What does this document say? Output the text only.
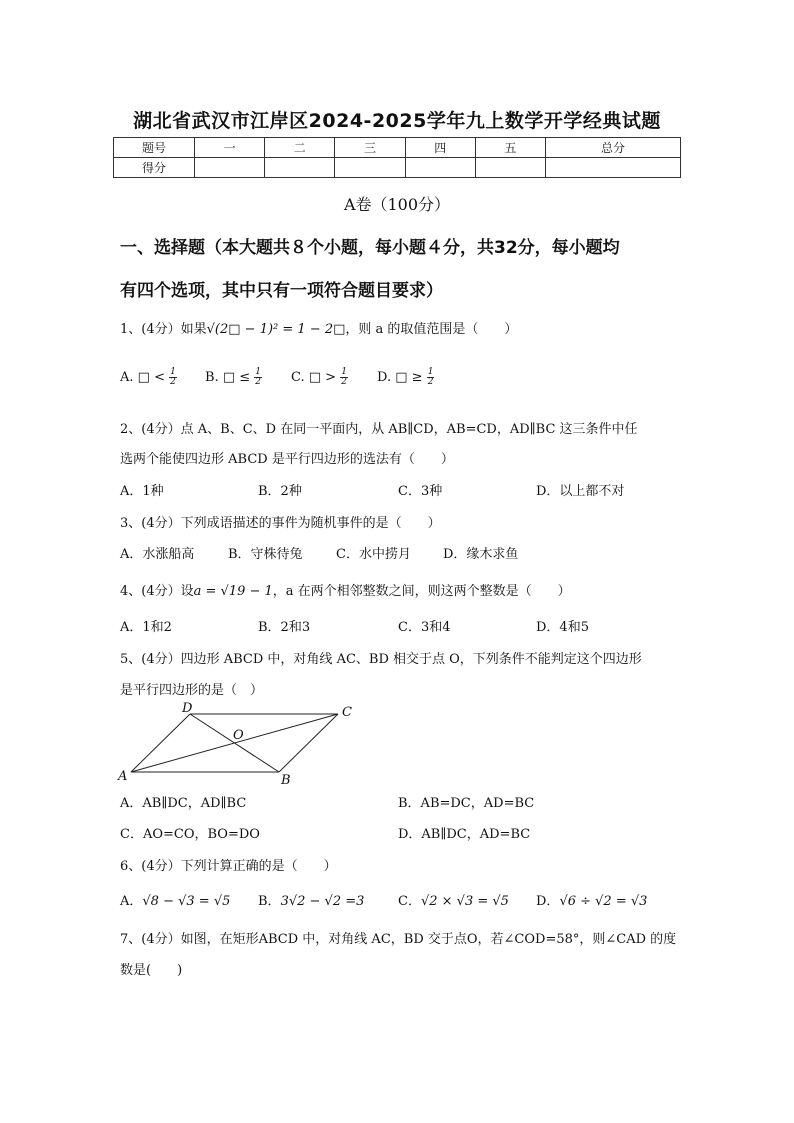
湖北省武汉市江岸区2024-2025学年九上数学开学经典试题
题号	一	二	三	四	五	总分
得分						
A卷（100分）
一、选择题（本大题共８个小题，每小题４分，共32分，每小题均
有四个选项，其中只有一项符合题目要求）
1、(4分）如果√(2□ − 1)² = 1 − 2□，则 a 的取值范围是（　　）
A. □ < $\frac{1}{2} B$. □ ≤ $\frac{1}{2} C$. □ > $\frac{1}{2} D$. □ ≥ $\frac{1}{2}$
2、(4分）点 A、B、C、D 在同一平面内，从 AB∥CD，AB=CD，AD∥BC 这三条件中任
选两个能使四边形 ABCD 是平行四边形的选法有（　　）
A．1种	B．2种	C．3种	D．以上都不对
3、(4分）下列成语描述的事件为随机事件的是（　　）
A．水涨船高	B．守株待兔	C．水中捞月 D．缘木求鱼
4、(4分）设a = √19 − 1，a 在两个相邻整数之间，则这两个整数是（　　）
A．1和2	B．2和3	C．3和4	D．4和5
5、(4分）四边形 ABCD 中，对角线 AC、BD 相交于点 O，下列条件不能判定这个四边形
是平行四边形的是（　）
A	B
C
D
O
A．AB∥DC，AD∥BC	B．AB=DC，AD=BC
C．AO=CO，BO=DO	D．AB∥DC，AD=BC
6、(4分）下列计算正确的是（　　）
A．√8 − √3 = √5 B．3√2 − √2 =3	C．√2 × √3 = √5 D．√6 ÷ √2 = √3
7、(4分）如图，在矩形ABCD 中，对角线 AC，BD 交于点O，若∠COD=58°，则∠CAD 的度
数是(　　)
